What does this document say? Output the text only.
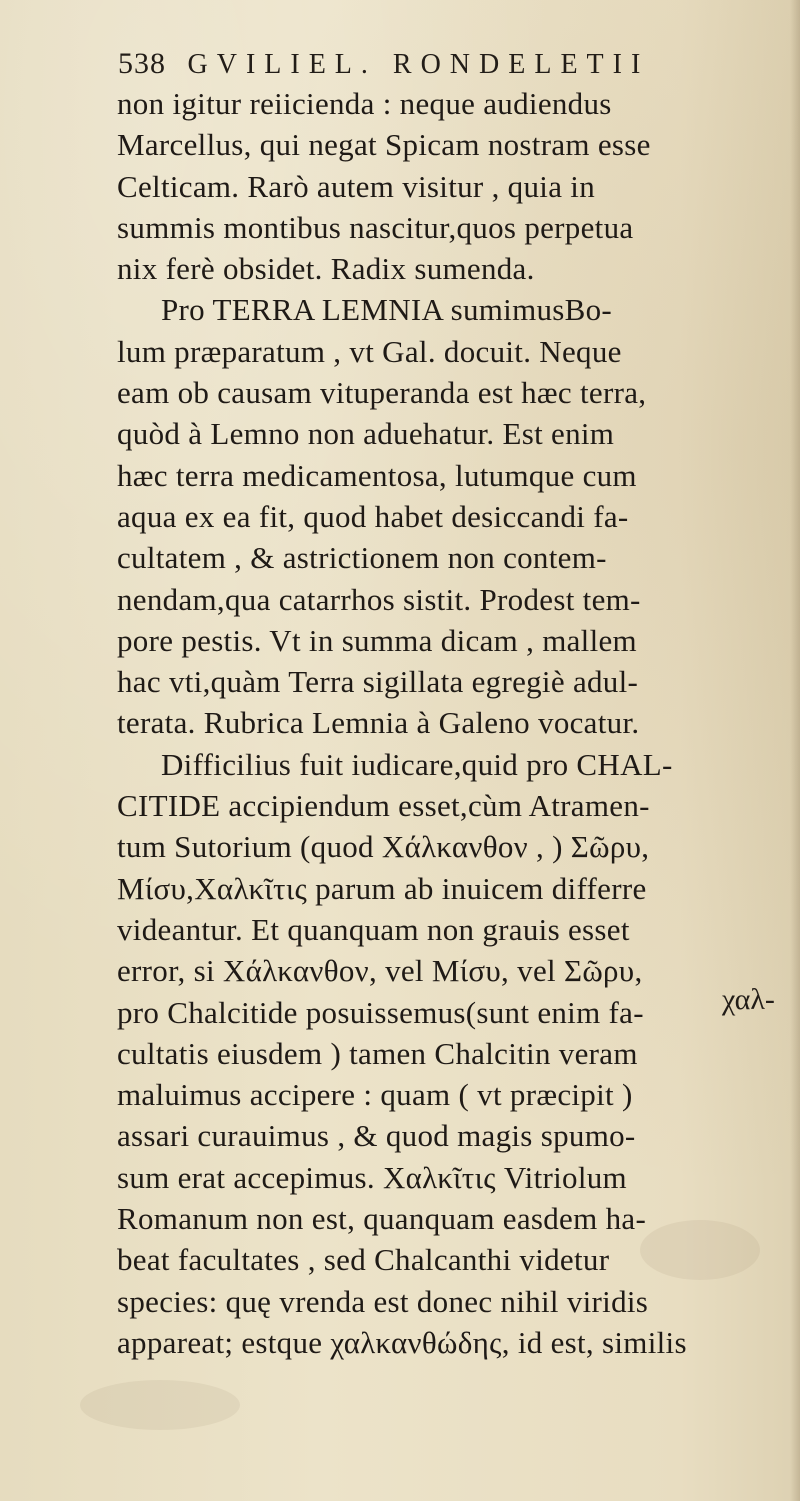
538 GVILIEL. RONDELETII
non igitur reiicienda : neque audiendus
Marcellus, qui negat Spicam nostram esse
Celticam. Rarò autem visitur , quia in
summis montibus nascitur,quos perpetua
nix ferè obsidet. Radix sumenda.
Pro TERRA LEMNIA sumimusBo-
lum præparatum , vt Gal. docuit. Neque
eam ob causam vituperanda est hæc terra,
quòd à Lemno non aduehatur. Est enim
hæc terra medicamentosa, lutumque cum
aqua ex ea fit, quod habet desiccandi fa-
cultatem , & astrictionem non contem-
nendam,qua catarrhos sistit. Prodest tem-
pore pestis. Vt in summa dicam , mallem
hac vti,quàm Terra sigillata egregiè adul-
terata. Rubrica Lemnia à Galeno vocatur.
Difficilius fuit iudicare,quid pro CHAL-
CITIDE accipiendum esset,cùm Atramen-
tum Sutorium (quod Χάλκανθον , ) Σῶρυ,
Μίσυ,Χαλκῖτις parum ab inuicem differre
videantur. Et quanquam non grauis esset
error, si Χάλκανθον, vel Μίσυ, vel Σῶρυ,
pro Chalcitide posuissemus(sunt enim fa-
cultatis eiusdem ) tamen Chalcitin veram
maluimus accipere : quam ( vt præcipit )
assari curauimus , & quod magis spumo-
sum erat accepimus. Χαλκῖτις Vitriolum
Romanum non est, quanquam easdem ha-
beat facultates , sed Chalcanthi videtur
species: quę vrenda est donec nihil viridis
appareat; estque χαλκανθώδης, id est, similis
χαλ-
